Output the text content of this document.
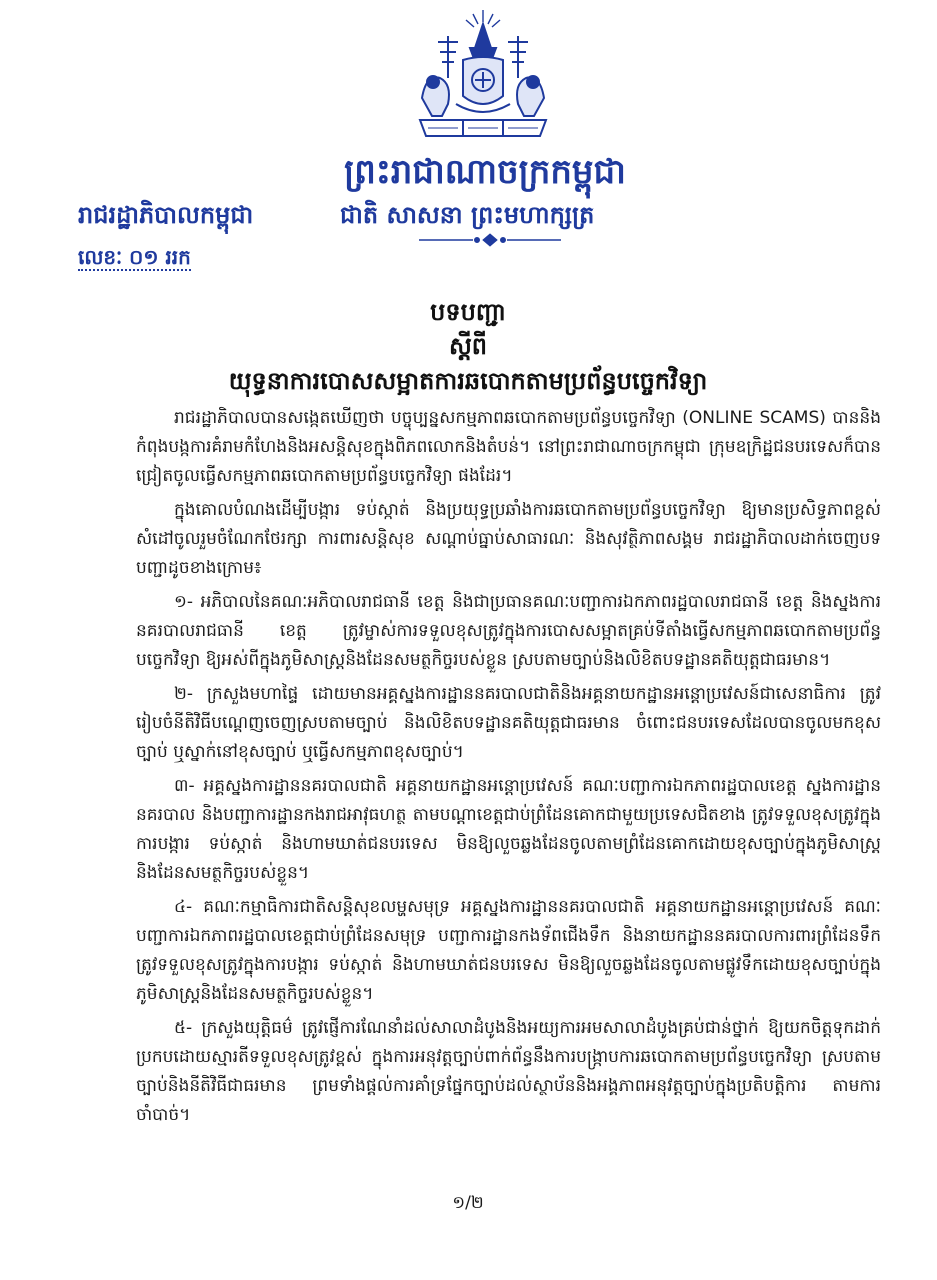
ព្រះរាជាណាចក្រកម្ពុជា
រាជរដ្ឋាភិបាលកម្ពុជា	ជាតិ សាសនា ព្រះមហាក្សត្រ
លេខៈ ០១ ររក
បទបញ្ជា
ស្តីពី
យុទ្ធនាការបោសសម្អាតការឆបោកតាមប្រព័ន្ធបច្ចេកវិទ្យា

រាជរដ្ឋាភិបាលបានសង្កេតឃើញថា បច្ចុប្បន្នសកម្មភាពឆបោកតាមប្រព័ន្ធបច្ចេកវិទ្យា (ONLINE SCAMS) បាននិងកំពុងបង្កការគំរាមកំហែងនិងអសន្តិសុខក្នុងពិភពលោកនិងតំបន់។ នៅព្រះរាជាណាចក្រកម្ពុជា ក្រុមឧក្រិដ្ឋជនបរទេសក៏បានជ្រៀតចូលធ្វើសកម្មភាពឆបោកតាមប្រព័ន្ធបច្ចេកវិទ្យា ផងដែរ។

ក្នុងគោលបំណងដើម្បីបង្ការ ទប់ស្កាត់ និងប្រយុទ្ធប្រឆាំងការឆបោកតាមប្រព័ន្ធបច្ចេកវិទ្យា ឱ្យមានប្រសិទ្ធភាពខ្ពស់ សំដៅចូលរួមចំណែកថែរក្សា ការពារសន្តិសុខ សណ្តាប់ធ្នាប់សាធារណៈ និងសុវត្ថិភាពសង្គម រាជរដ្ឋាភិបាលដាក់ចេញបទបញ្ជាដូចខាងក្រោម៖

១- អភិបាលនៃគណៈអភិបាលរាជធានី ខេត្ត និងជាប្រធានគណៈបញ្ជាការឯកភាពរដ្ឋបាលរាជធានី ខេត្ត និងស្នងការនគរបាលរាជធានី ខេត្ត ត្រូវម្ចាស់ការទទួលខុសត្រូវក្នុងការបោសសម្អាតគ្រប់ទីតាំងធ្វើសកម្មភាពឆបោកតាមប្រព័ន្ធបច្ចេកវិទ្យា ឱ្យអស់ពីក្នុងភូមិសាស្ត្រនិងដែនសមត្ថកិច្ចរបស់ខ្លួន ស្របតាមច្បាប់និងលិខិតបទដ្ឋានគតិយុត្តជាធរមាន។

២- ក្រសួងមហាផ្ទៃ ដោយមានអគ្គស្នងការដ្ឋាននគរបាលជាតិនិងអគ្គនាយកដ្ឋានអន្តោប្រវេសន៍ជាសេនាធិការ ត្រូវរៀបចំនីតិវិធីបណ្តេញចេញស្របតាមច្បាប់ និងលិខិតបទដ្ឋានគតិយុត្តជាធរមាន ចំពោះជនបរទេសដែលបានចូលមកខុសច្បាប់ ឬស្នាក់នៅខុសច្បាប់ ឬធ្វើសកម្មភាពខុសច្បាប់។

៣- អគ្គស្នងការដ្ឋាននគរបាលជាតិ អគ្គនាយកដ្ឋានអន្តោប្រវេសន៍ គណៈបញ្ជាការឯកភាពរដ្ឋបាលខេត្ត ស្នងការដ្ឋាននគរបាល និងបញ្ជាការដ្ឋានកងរាជអាវុធហត្ថ តាមបណ្តាខេត្តជាប់ព្រំដែនគោកជាមួយប្រទេសជិតខាង ត្រូវទទួលខុសត្រូវក្នុងការបង្ការ ទប់ស្កាត់ និងហាមឃាត់ជនបរទេស មិនឱ្យលួចឆ្លងដែនចូលតាមព្រំដែនគោកដោយខុសច្បាប់ក្នុងភូមិសាស្ត្រនិងដែនសមត្ថកិច្ចរបស់ខ្លួន។

៤- គណៈកម្មាធិការជាតិសន្តិសុខលម្ហសមុទ្រ អគ្គស្នងការដ្ឋាននគរបាលជាតិ អគ្គនាយកដ្ឋានអន្តោប្រវេសន៍ គណៈបញ្ជាការឯកភាពរដ្ឋបាលខេត្តជាប់ព្រំដែនសមុទ្រ បញ្ជាការដ្ឋានកងទ័ពជើងទឹក និងនាយកដ្ឋាននគរបាលការពារព្រំដែនទឹក ត្រូវទទួលខុសត្រូវក្នុងការបង្ការ ទប់ស្កាត់ និងហាមឃាត់ជនបរទេស មិនឱ្យលួចឆ្លងដែនចូលតាមផ្លូវទឹកដោយខុសច្បាប់ក្នុងភូមិសាស្ត្រនិងដែនសមត្ថកិច្ចរបស់ខ្លួន។

៥- ក្រសួងយុត្តិធម៌ ត្រូវផ្ញើការណែនាំដល់សាលាដំបូងនិងអយ្យការអមសាលាដំបូងគ្រប់ជាន់ថ្នាក់ ឱ្យយកចិត្តទុកដាក់ប្រកបដោយស្មារតីទទួលខុសត្រូវខ្ពស់ ក្នុងការអនុវត្តច្បាប់ពាក់ព័ន្ធនឹងការបង្ក្រាបការឆបោកតាមប្រព័ន្ធបច្ចេកវិទ្យា ស្របតាមច្បាប់និងនីតិវិធីជាធរមាន ព្រមទាំងផ្តល់ការគាំទ្រផ្នែកច្បាប់ដល់ស្ថាប័ននិងអង្គភាពអនុវត្តច្បាប់ក្នុងប្រតិបត្តិការ តាមការចាំបាច់។

១/២
